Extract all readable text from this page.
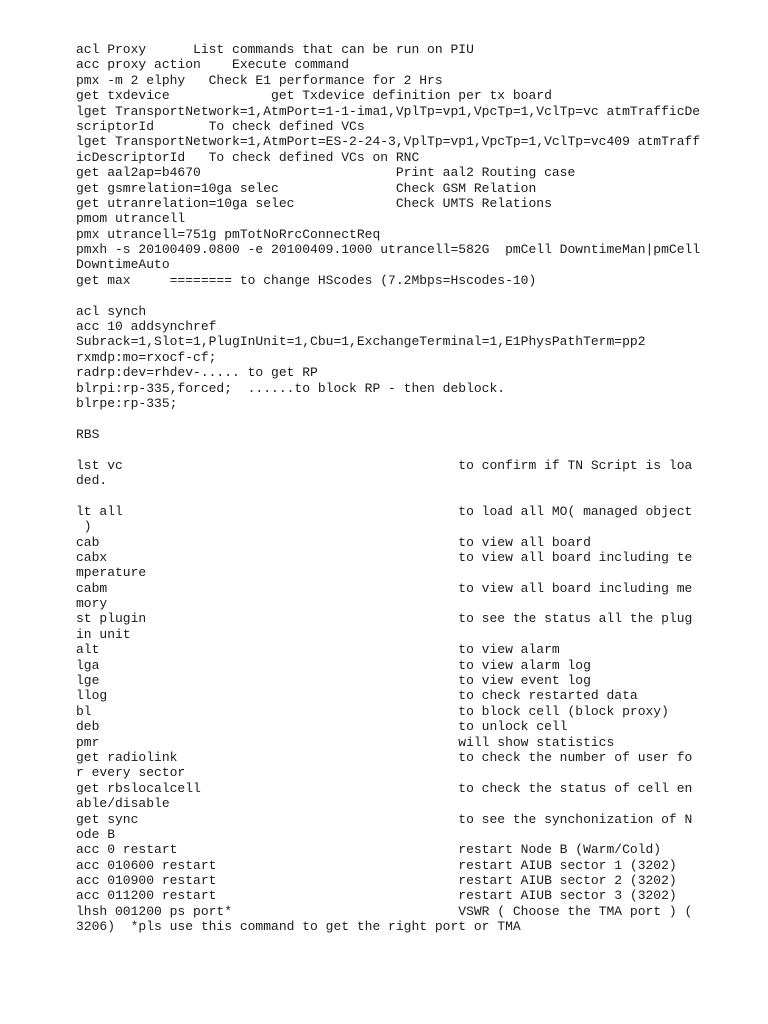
acl Proxy      List commands that can be run on PIU
acc proxy action    Execute command
pmx -m 2 elphy   Check E1 performance for 2 Hrs
get txdevice             get Txdevice definition per tx board
lget TransportNetwork=1,AtmPort=1-1-ima1,VplTp=vp1,VpcTp=1,VclTp=vc atmTrafficDe
scriptorId       To check defined VCs
lget TransportNetwork=1,AtmPort=ES-2-24-3,VplTp=vp1,VpcTp=1,VclTp=vc409 atmTraff
icDescriptorId   To check defined VCs on RNC
get aal2ap=b4670                         Print aal2 Routing case
get gsmrelation=10ga selec               Check GSM Relation
get utranrelation=10ga selec             Check UMTS Relations
pmom utrancell
pmx utrancell=751g pmTotNoRrcConnectReq
pmxh -s 20100409.0800 -e 20100409.1000 utrancell=582G  pmCell DowntimeMan|pmCell
DowntimeAuto
get max     ======== to change HScodes (7.2Mbps=Hscodes-10)
acl synch
acc 10 addsynchref
Subrack=1,Slot=1,PlugInUnit=1,Cbu=1,ExchangeTerminal=1,E1PhysPathTerm=pp2
rxmdp:mo=rxocf-cf;
radrp:dev=rhdev-..... to get RP
blrpi:rp-335,forced;  ......to block RP - then deblock.
blrpe:rp-335;
RBS
lst vc                                           to confirm if TN Script is loa
ded.
lt all                                           to load all MO( managed object
)
cab                                              to view all board
cabx                                             to view all board including te
mperature
cabm                                             to view all board including me
mory
st plugin                                        to see the status all the plug
in unit
alt                                              to view alarm
lga                                              to view alarm log
lge                                              to view event log
llog                                             to check restarted data
bl                                               to block cell (block proxy)
deb                                              to unlock cell
pmr                                              will show statistics
get radiolink                                    to check the number of user fo
r every sector
get rbslocalcell                                 to check the status of cell en
able/disable
get sync                                         to see the synchonization of N
ode B
acc 0 restart                                    restart Node B (Warm/Cold)
acc 010600 restart                               restart AIUB sector 1 (3202)
acc 010900 restart                               restart AIUB sector 2 (3202)
acc 011200 restart                               restart AIUB sector 3 (3202)
lhsh 001200 ps port*                             VSWR ( Choose the TMA port ) (
3206)  *pls use this command to get the right port or TMA
